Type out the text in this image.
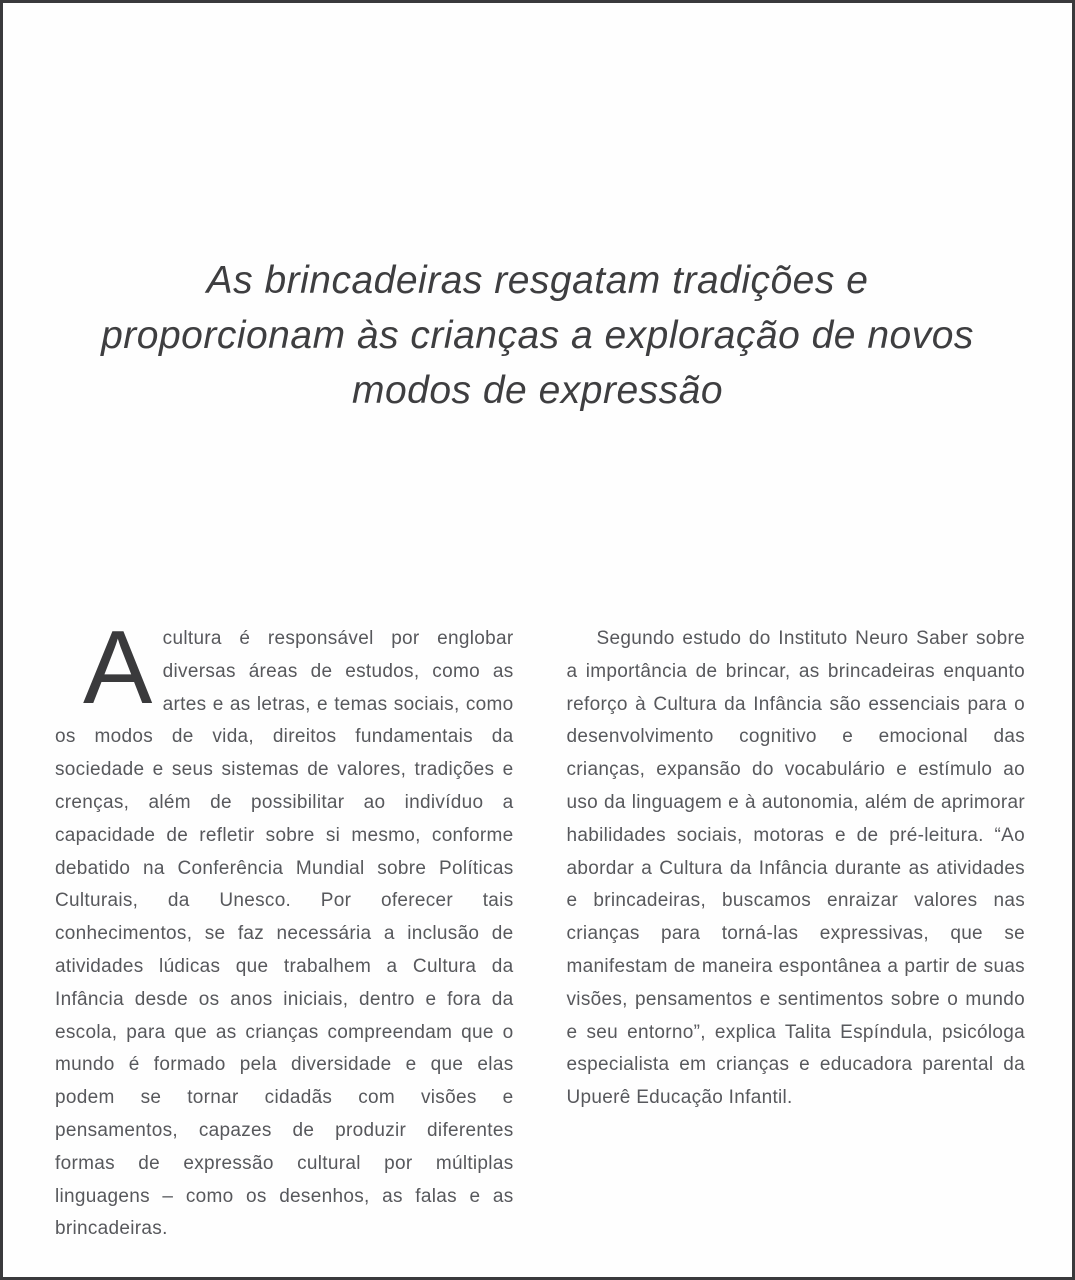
As brincadeiras resgatam tradições e
proporcionam às crianças a exploração de novos
modos de expressão

Acultura é responsável por englobar diversas áreas de estudos, como as artes e as letras, e temas sociais, como os modos de vida, direitos fundamentais da sociedade e seus sistemas de valores, tradições e crenças, além de possibilitar ao indivíduo a capacidade de refletir sobre si mesmo, conforme debatido na Conferência Mundial sobre Políticas Culturais, da Unesco. Por oferecer tais conhecimentos, se faz necessária a inclusão de atividades lúdicas que trabalhem a Cultura da Infância desde os anos iniciais, dentro e fora da escola, para que as crianças compreendam que o mundo é formado pela diversidade e que elas podem se tornar cidadãs com visões e pensamentos, capazes de produzir diferentes formas de expressão cultural por múltiplas linguagens – como os desenhos, as falas e as brincadeiras.

Segundo estudo do Instituto Neuro Saber sobre a importância de brincar, as brincadeiras enquanto reforço à Cultura da Infância são essenciais para o desenvolvimento cognitivo e emocional das crianças, expansão do vocabulário e estímulo ao uso da linguagem e à autonomia, além de aprimorar habilidades sociais, motoras e de pré-leitura. “Ao abordar a Cultura da Infância durante as atividades e brincadeiras, buscamos enraizar valores nas crianças para torná-las expressivas, que se manifestam de maneira espontânea a partir de suas visões, pensamentos e sentimentos sobre o mundo e seu entorno”, explica Talita Espíndula, psicóloga especialista em crianças e educadora parental da Upuerê Educação Infantil.
